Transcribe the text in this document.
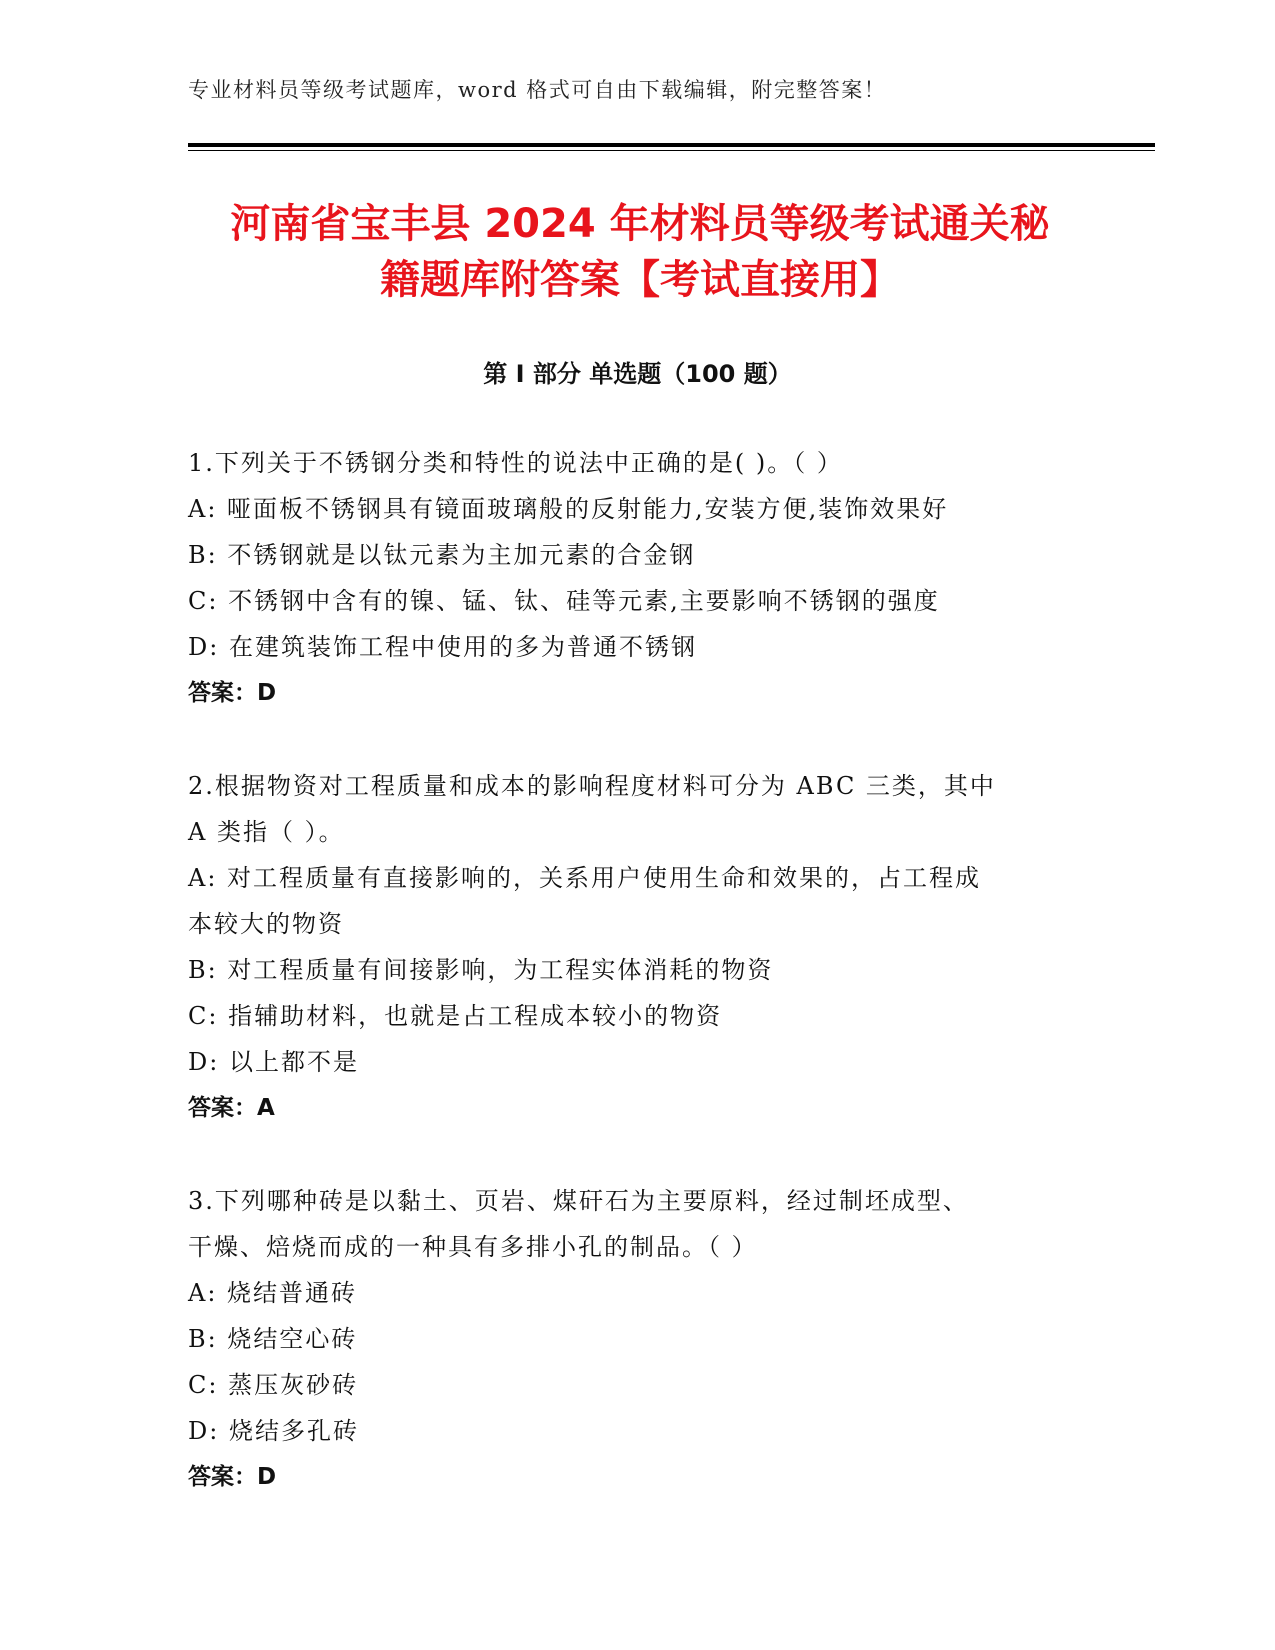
专业材料员等级考试题库，word 格式可自由下载编辑，附完整答案！
河南省宝丰县 2024 年材料员等级考试通关秘
籍题库附答案【考试直接用】
第 I 部分 单选题（100 题）
1.下列关于不锈钢分类和特性的说法中正确的是( )。（ ）
A: 哑面板不锈钢具有镜面玻璃般的反射能力,安装方便,装饰效果好
B: 不锈钢就是以钛元素为主加元素的合金钢
C: 不锈钢中含有的镍、锰、钛、硅等元素,主要影响不锈钢的强度
D: 在建筑装饰工程中使用的多为普通不锈钢
答案：D
2.根据物资对工程质量和成本的影响程度材料可分为 ABC 三类，其中
A 类指（ ）。
A: 对工程质量有直接影响的，关系用户使用生命和效果的，占工程成
本较大的物资
B: 对工程质量有间接影响，为工程实体消耗的物资
C: 指辅助材料，也就是占工程成本较小的物资
D: 以上都不是
答案：A
3.下列哪种砖是以黏土、页岩、煤矸石为主要原料，经过制坯成型、
干燥、焙烧而成的一种具有多排小孔的制品。（ ）
A: 烧结普通砖
B: 烧结空心砖
C: 蒸压灰砂砖
D: 烧结多孔砖
答案：D
